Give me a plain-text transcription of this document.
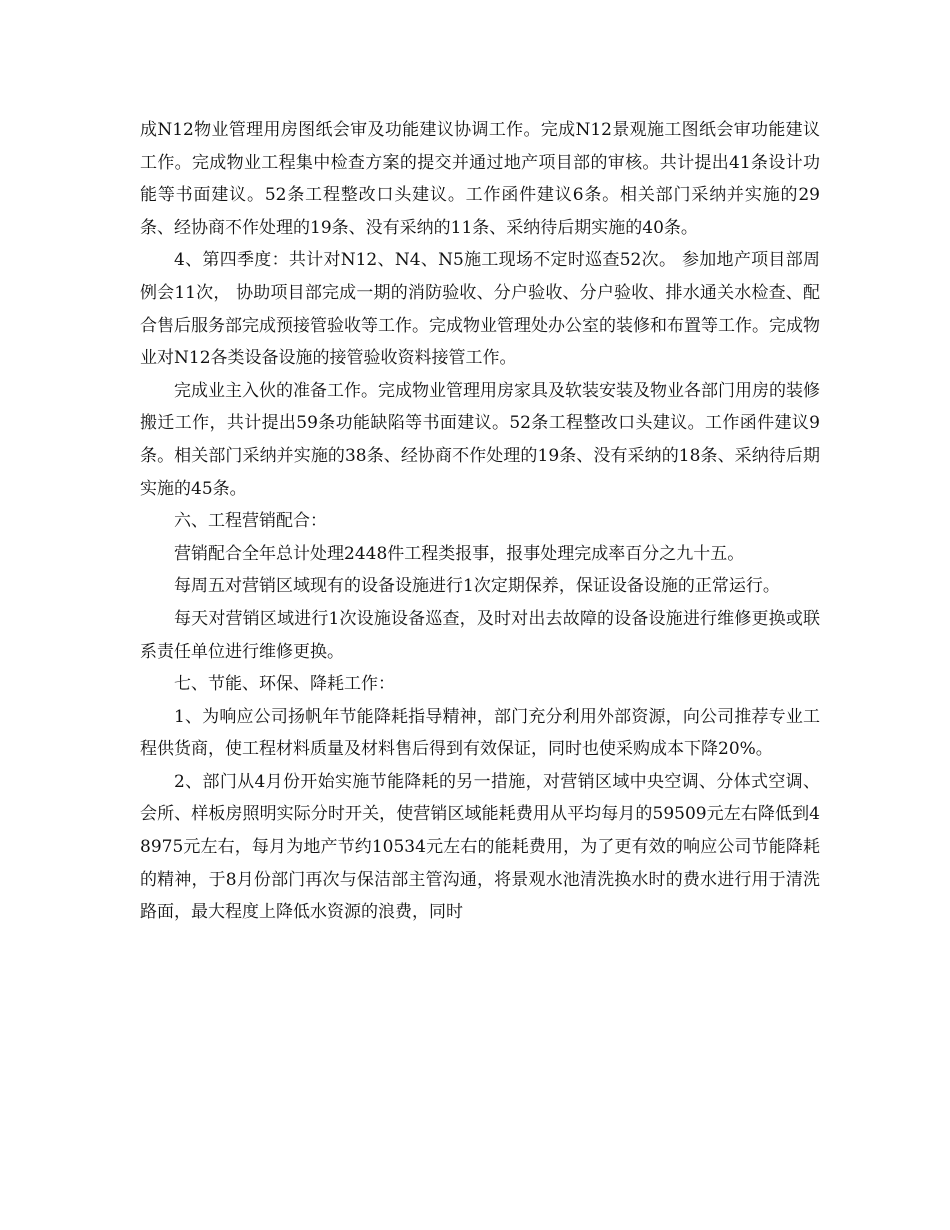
成N12物业管理用房图纸会审及功能建议协调工作。完成N12景观施工图纸会审功能建议工作。完成物业工程集中检查方案的提交并通过地产项目部的审核。共计提出41条设计功能等书面建议。52条工程整改口头建议。工作函件建议6条。相关部门采纳并实施的29条、经协商不作处理的19条、没有采纳的11条、采纳待后期实施的40条。

4、第四季度：共计对N12、N4、N5施工现场不定时巡查52次。 参加地产项目部周例会11次， 协助项目部完成一期的消防验收、分户验收、分户验收、排水通关水检查、配合售后服务部完成预接管验收等工作。完成物业管理处办公室的装修和布置等工作。完成物业对N12各类设备设施的接管验收资料接管工作。

完成业主入伙的准备工作。完成物业管理用房家具及软装安装及物业各部门用房的装修搬迁工作，共计提出59条功能缺陷等书面建议。52条工程整改口头建议。工作函件建议9条。相关部门采纳并实施的38条、经协商不作处理的19条、没有采纳的18条、采纳待后期实施的45条。

六、工程营销配合：

营销配合全年总计处理2448件工程类报事，报事处理完成率百分之九十五。

每周五对营销区域现有的设备设施进行1次定期保养，保证设备设施的正常运行。

每天对营销区域进行1次设施设备巡查，及时对出去故障的设备设施进行维修更换或联系责任单位进行维修更换。

七、节能、环保、降耗工作：

1、为响应公司扬帆年节能降耗指导精神，部门充分利用外部资源，向公司推荐专业工程供货商，使工程材料质量及材料售后得到有效保证，同时也使采购成本下降20%。

2、部门从4月份开始实施节能降耗的另一措施，对营销区域中央空调、分体式空调、会所、样板房照明实际分时开关，使营销区域能耗费用从平均每月的59509元左右降低到48975元左右，每月为地产节约10534元左右的能耗费用，为了更有效的响应公司节能降耗的精神，于8月份部门再次与保洁部主管沟通，将景观水池清洗换水时的费水进行用于清洗路面，最大程度上降低水资源的浪费，同时
